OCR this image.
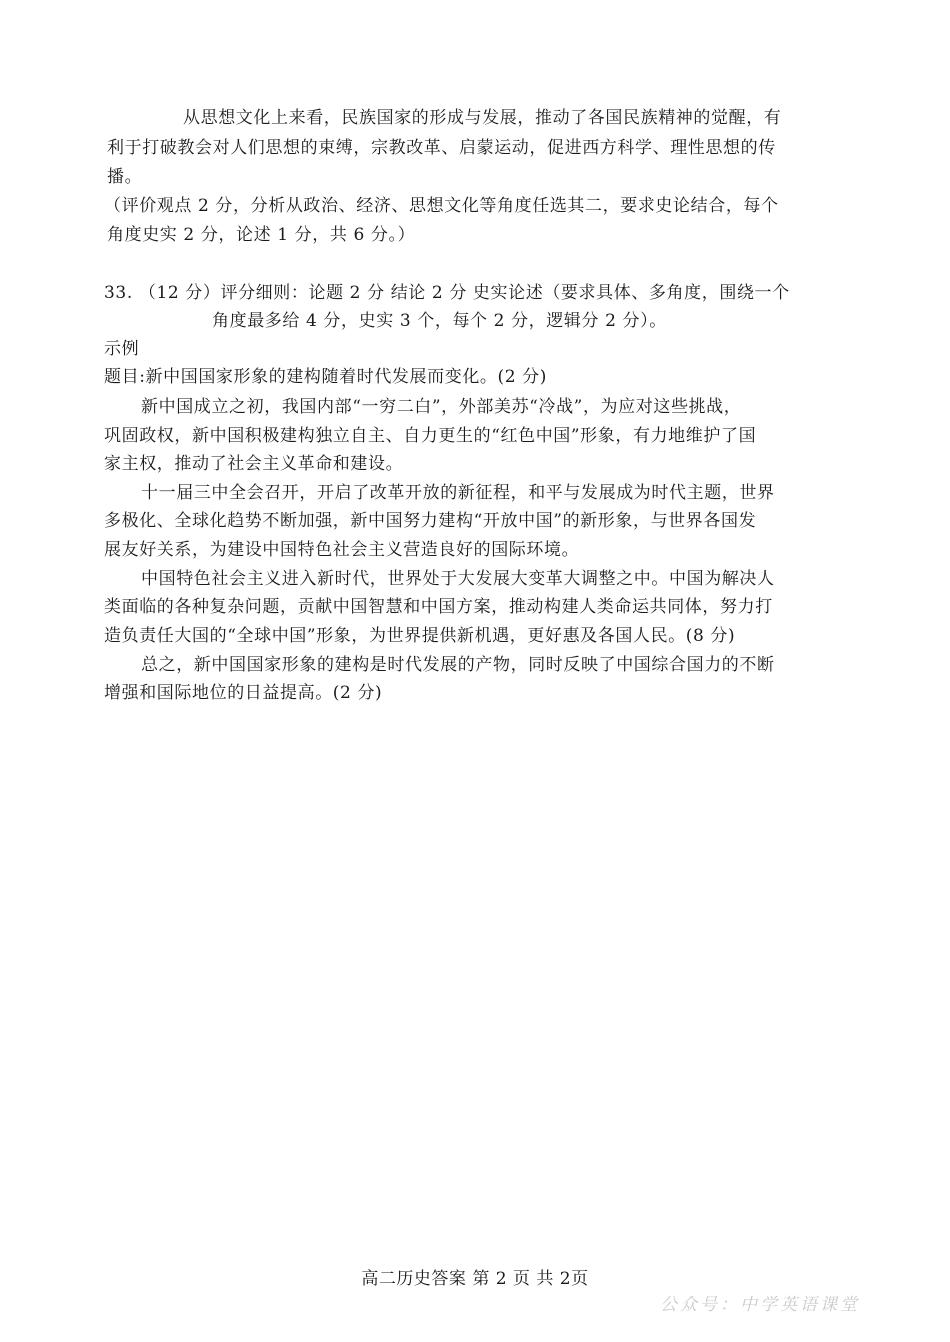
从思想文化上来看，民族国家的形成与发展，推动了各国民族精神的觉醒，有
利于打破教会对人们思想的束缚，宗教改革、启蒙运动，促进西方科学、理性思想的传
播。
（评价观点 2 分，分析从政治、经济、思想文化等角度任选其二，要求史论结合，每个
角度史实 2 分，论述 1 分，共 6 分。）
33. （12 分）评分细则：论题 2 分 结论 2 分 史实论述（要求具体、多角度，围绕一个
角度最多给 4 分，史实 3 个，每个 2 分，逻辑分 2 分）。
示例
题目:新中国国家形象的建构随着时代发展而变化。(2 分)
新中国成立之初，我国内部“一穷二白”，外部美苏“冷战”，为应对这些挑战，
巩固政权，新中国积极建构独立自主、自力更生的“红色中国”形象，有力地维护了国
家主权，推动了社会主义革命和建设。
十一届三中全会召开，开启了改革开放的新征程，和平与发展成为时代主题，世界
多极化、全球化趋势不断加强，新中国努力建构“开放中国”的新形象，与世界各国发
展友好关系，为建设中国特色社会主义营造良好的国际环境。
中国特色社会主义进入新时代，世界处于大发展大变革大调整之中。中国为解决人
类面临的各种复杂问题，贡献中国智慧和中国方案，推动构建人类命运共同体，努力打
造负责任大国的“全球中国”形象，为世界提供新机遇，更好惠及各国人民。(8 分)
总之，新中国国家形象的建构是时代发展的产物，同时反映了中国综合国力的不断
增强和国际地位的日益提高。(2 分)
高二历史答案 第 2 页 共 2页
公众号：中学英语课堂
